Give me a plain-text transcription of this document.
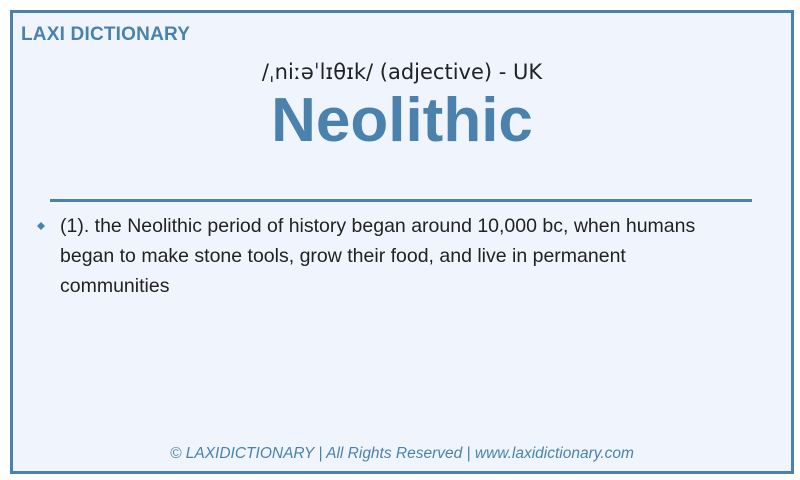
LAXI DICTIONARY
/ˌniːəˈlɪθɪk/ (adjective) - UK
Neolithic
(1). the Neolithic period of history began around 10,000 bc, when humans began to make stone tools, grow their food, and live in permanent communities
© LAXIDICTIONARY | All Rights Reserved | www.laxidictionary.com
